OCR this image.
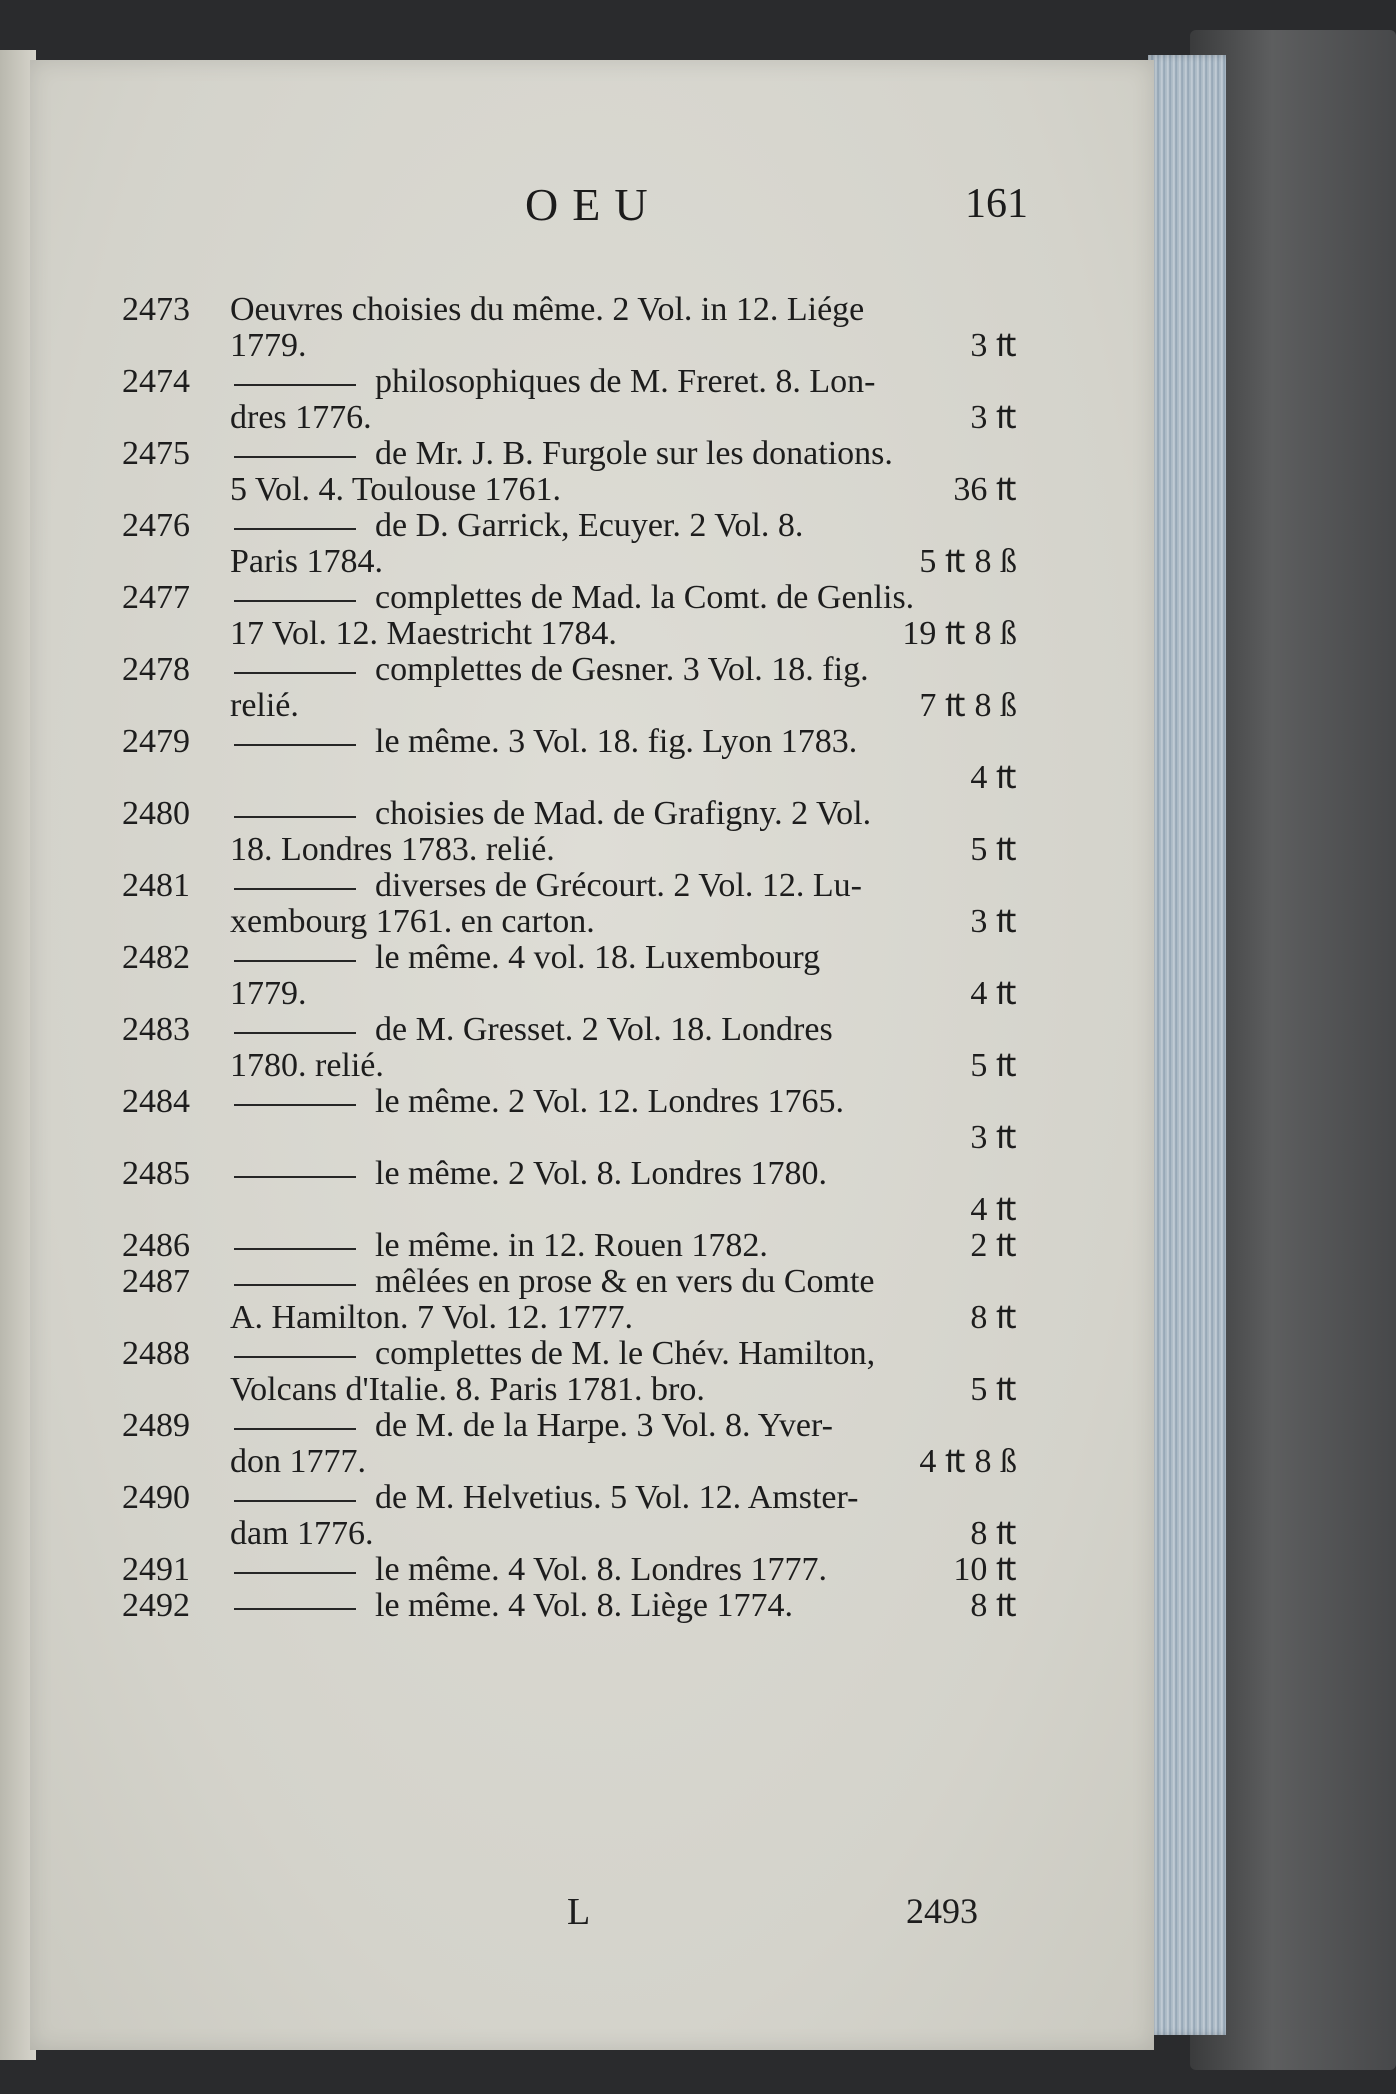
OEU	161
2473 Oeuvres choisies du même. 2 Vol. in 12. Liége
1779.	3 ₶
2474	philosophiques de M. Freret. 8. Lon-
dres 1776.	3 ₶
2475	de Mr. J. B. Furgole sur les donations.
5 Vol. 4. Toulouse 1761.	36 ₶
2476	de D. Garrick, Ecuyer. 2 Vol. 8.
Paris 1784.	5 ₶ 8 ß
2477	complettes de Mad. la Comt. de Genlis.
17 Vol. 12. Maestricht 1784.	19 ₶ 8 ß
2478	complettes de Gesner. 3 Vol. 18. fig.
relié.	7 ₶ 8 ß
2479	le même. 3 Vol. 18. fig. Lyon 1783.
4 ₶
2480	choisies de Mad. de Grafigny. 2 Vol.
18. Londres 1783. relié.	5 ₶
2481	diverses de Grécourt. 2 Vol. 12. Lu-
xembourg 1761. en carton.	3 ₶
2482	le même. 4 vol. 18. Luxembourg
1779.	4 ₶
2483	de M. Gresset. 2 Vol. 18. Londres
1780. relié.	5 ₶
2484	le même. 2 Vol. 12. Londres 1765.
3 ₶
2485	le même. 2 Vol. 8. Londres 1780.
4 ₶
2486	le même. in 12. Rouen 1782.	2 ₶
2487	mêlées en prose & en vers du Comte
A. Hamilton. 7 Vol. 12. 1777.	8 ₶
2488	complettes de M. le Chév. Hamilton,
Volcans d'Italie. 8. Paris 1781. bro.	5 ₶
2489	de M. de la Harpe. 3 Vol. 8. Yver-
don 1777.	4 ₶ 8 ß
2490	de M. Helvetius. 5 Vol. 12. Amster-
dam 1776.	8 ₶
2491	le même. 4 Vol. 8. Londres 1777.	10 ₶
2492	le même. 4 Vol. 8. Liège 1774.	8 ₶
L	2493
